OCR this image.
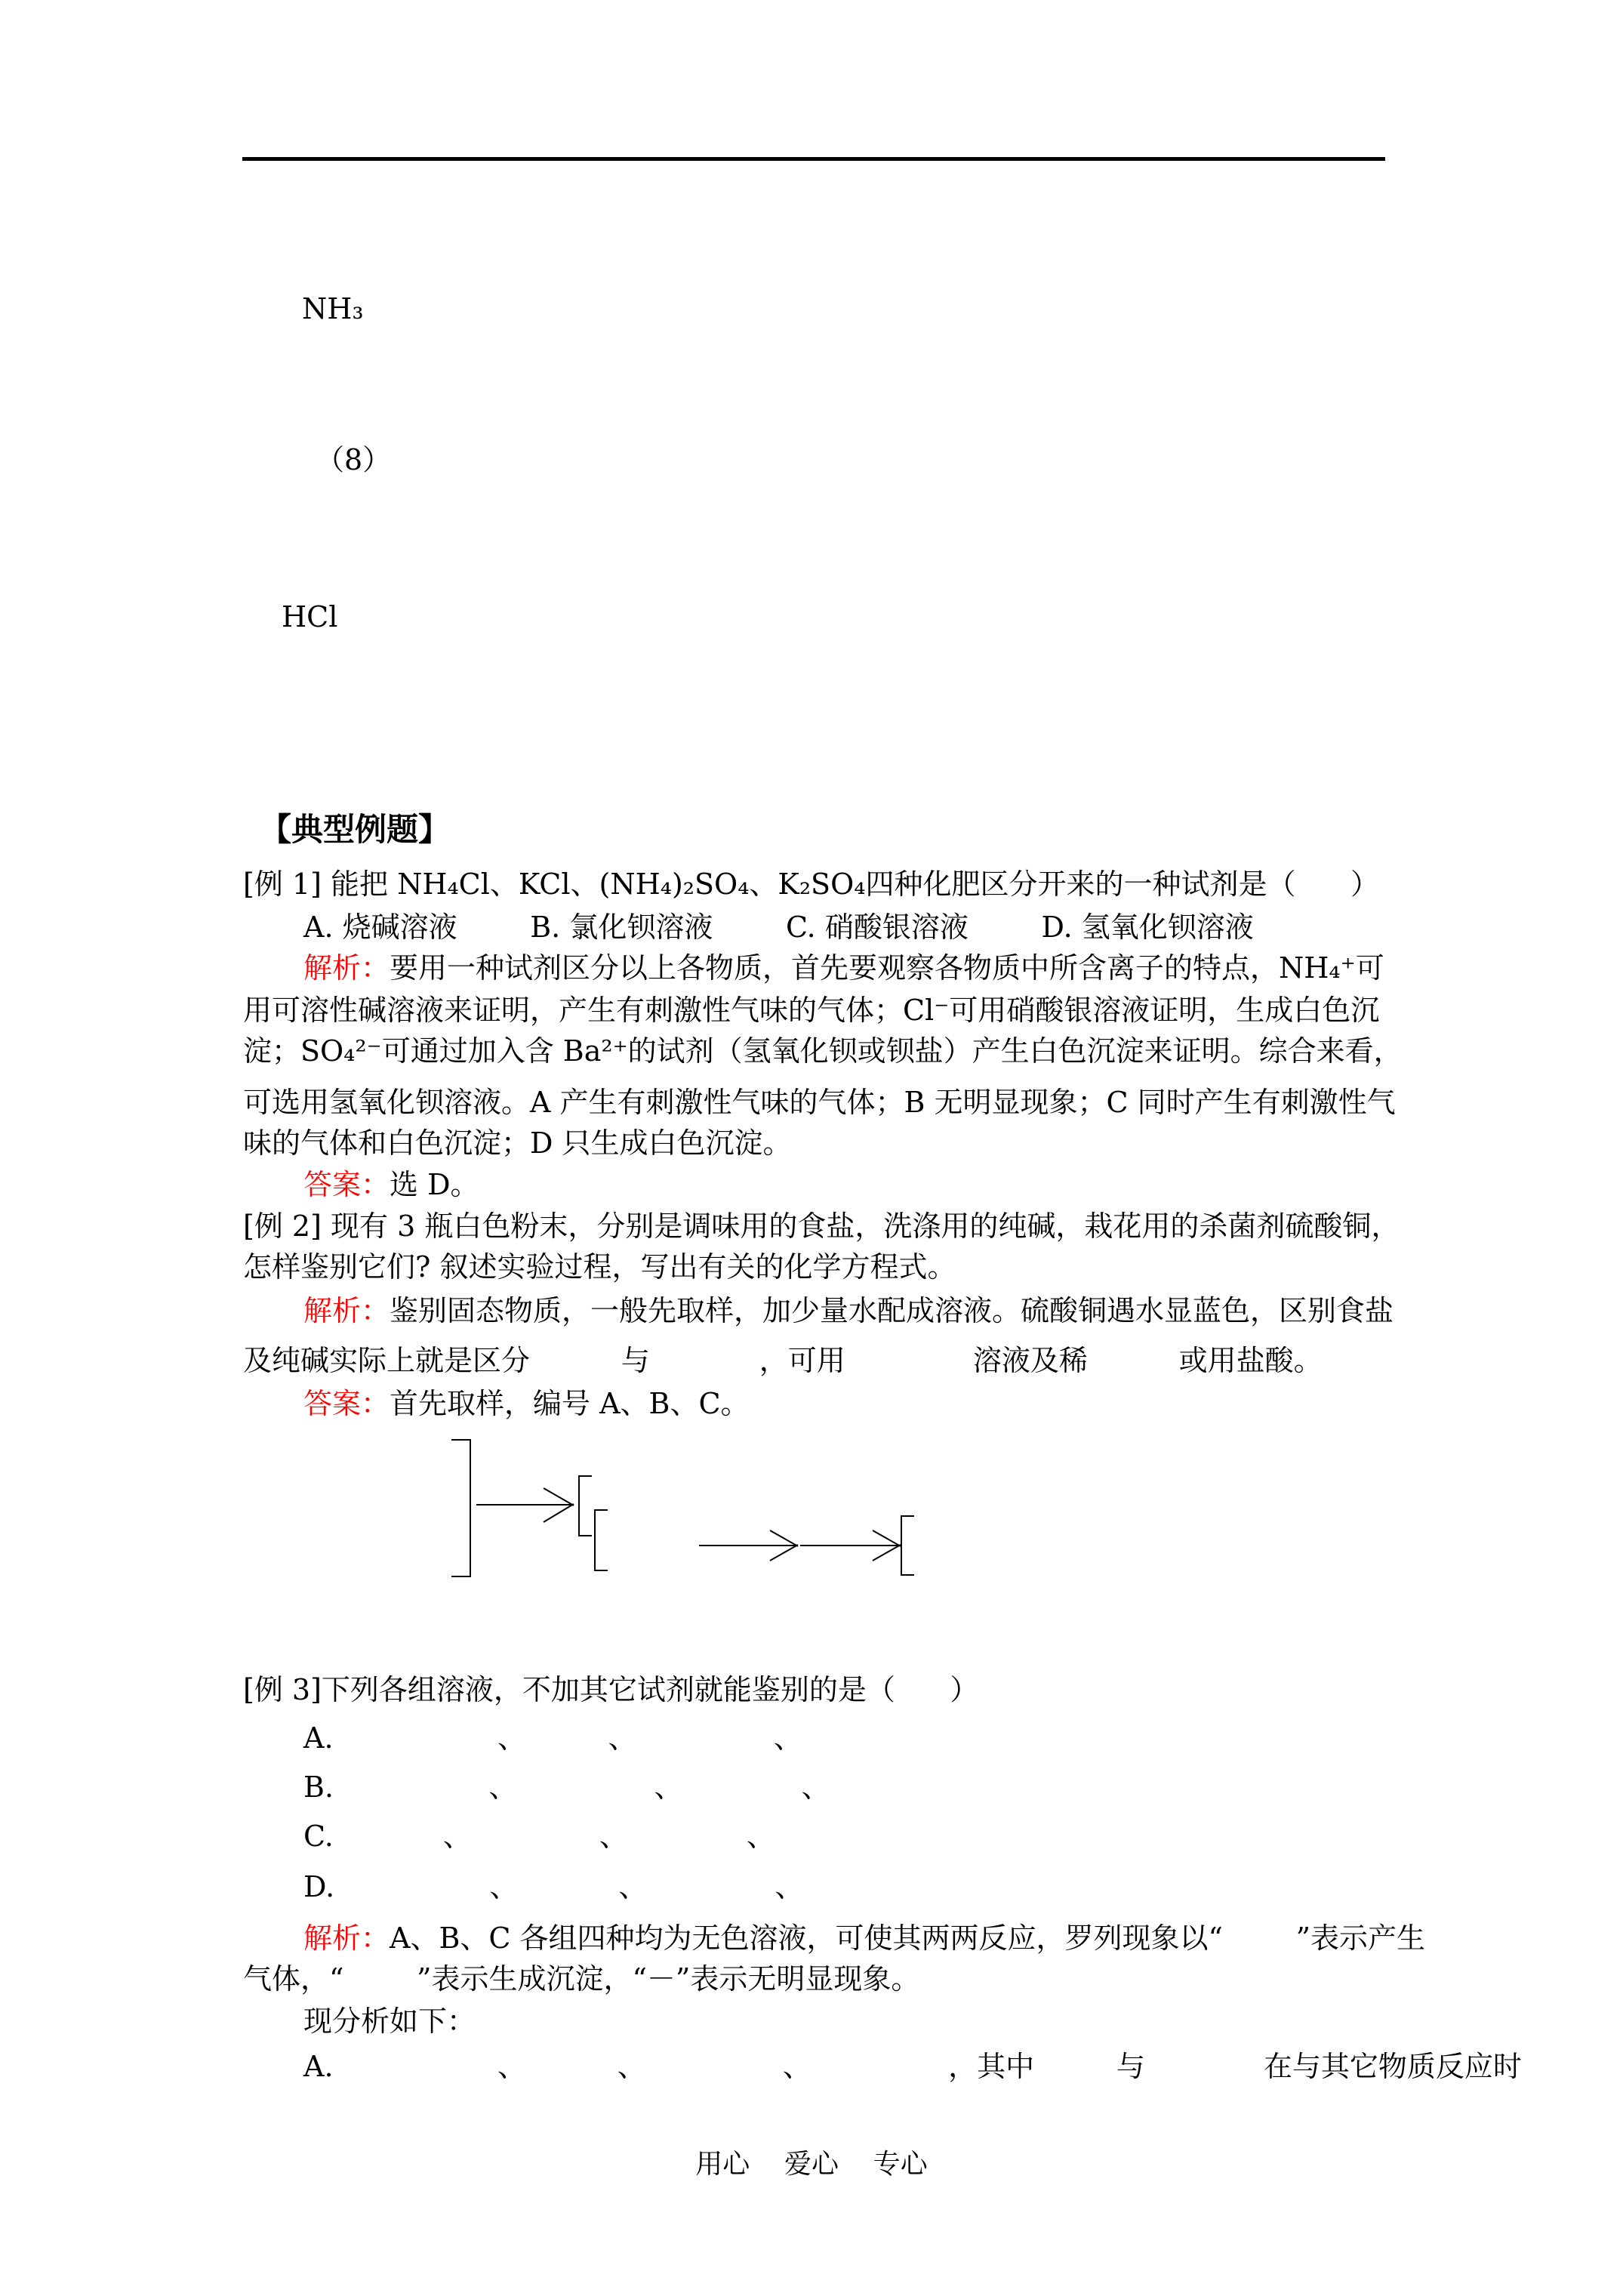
NH₃
（8）
HCl
【典型例题】
[例 1] 能把 NH₄Cl、KCl、(NH₄)₂SO₄、K₂SO₄四种化肥区分开来的一种试剂是（      ）
A. 烧碱溶液        B. 氯化钡溶液        C. 硝酸银溶液        D. 氢氧化钡溶液
解析：要用一种试剂区分以上各物质，首先要观察各物质中所含离子的特点，NH₄⁺可
用可溶性碱溶液来证明，产生有刺激性气味的气体；Cl⁻可用硝酸银溶液证明，生成白色沉
淀；SO₄²⁻可通过加入含 Ba²⁺的试剂（氢氧化钡或钡盐）产生白色沉淀来证明。综合来看，
可选用氢氧化钡溶液。A 产生有刺激性气味的气体；B 无明显现象；C 同时产生有刺激性气
味的气体和白色沉淀；D 只生成白色沉淀。
答案：选 D。
[例 2] 现有 3 瓶白色粉末，分别是调味用的食盐，洗涤用的纯碱，栽花用的杀菌剂硫酸铜，
怎样鉴别它们? 叙述实验过程，写出有关的化学方程式。
解析：鉴别固态物质，一般先取样，加少量水配成溶液。硫酸铜遇水显蓝色，区别食盐
及纯碱实际上就是区分          与            ，可用              溶液及稀          或用盐酸。
答案：首先取样，编号 A、B、C。
[例 3]下列各组溶液，不加其它试剂就能鉴别的是（      ）
A.                  、         、               、
B.                 、               、             、
C.            、              、             、
D.                 、           、              、
解析：A、B、C 各组四种均为无色溶液，可使其两两反应，罗列现象以“        ”表示产生
气体，“        ”表示生成沉淀，“－”表示无明显现象。
现分析如下：
A.                  、          、               、               ，其中         与             在与其它物质反应时
用心    爱心    专心
